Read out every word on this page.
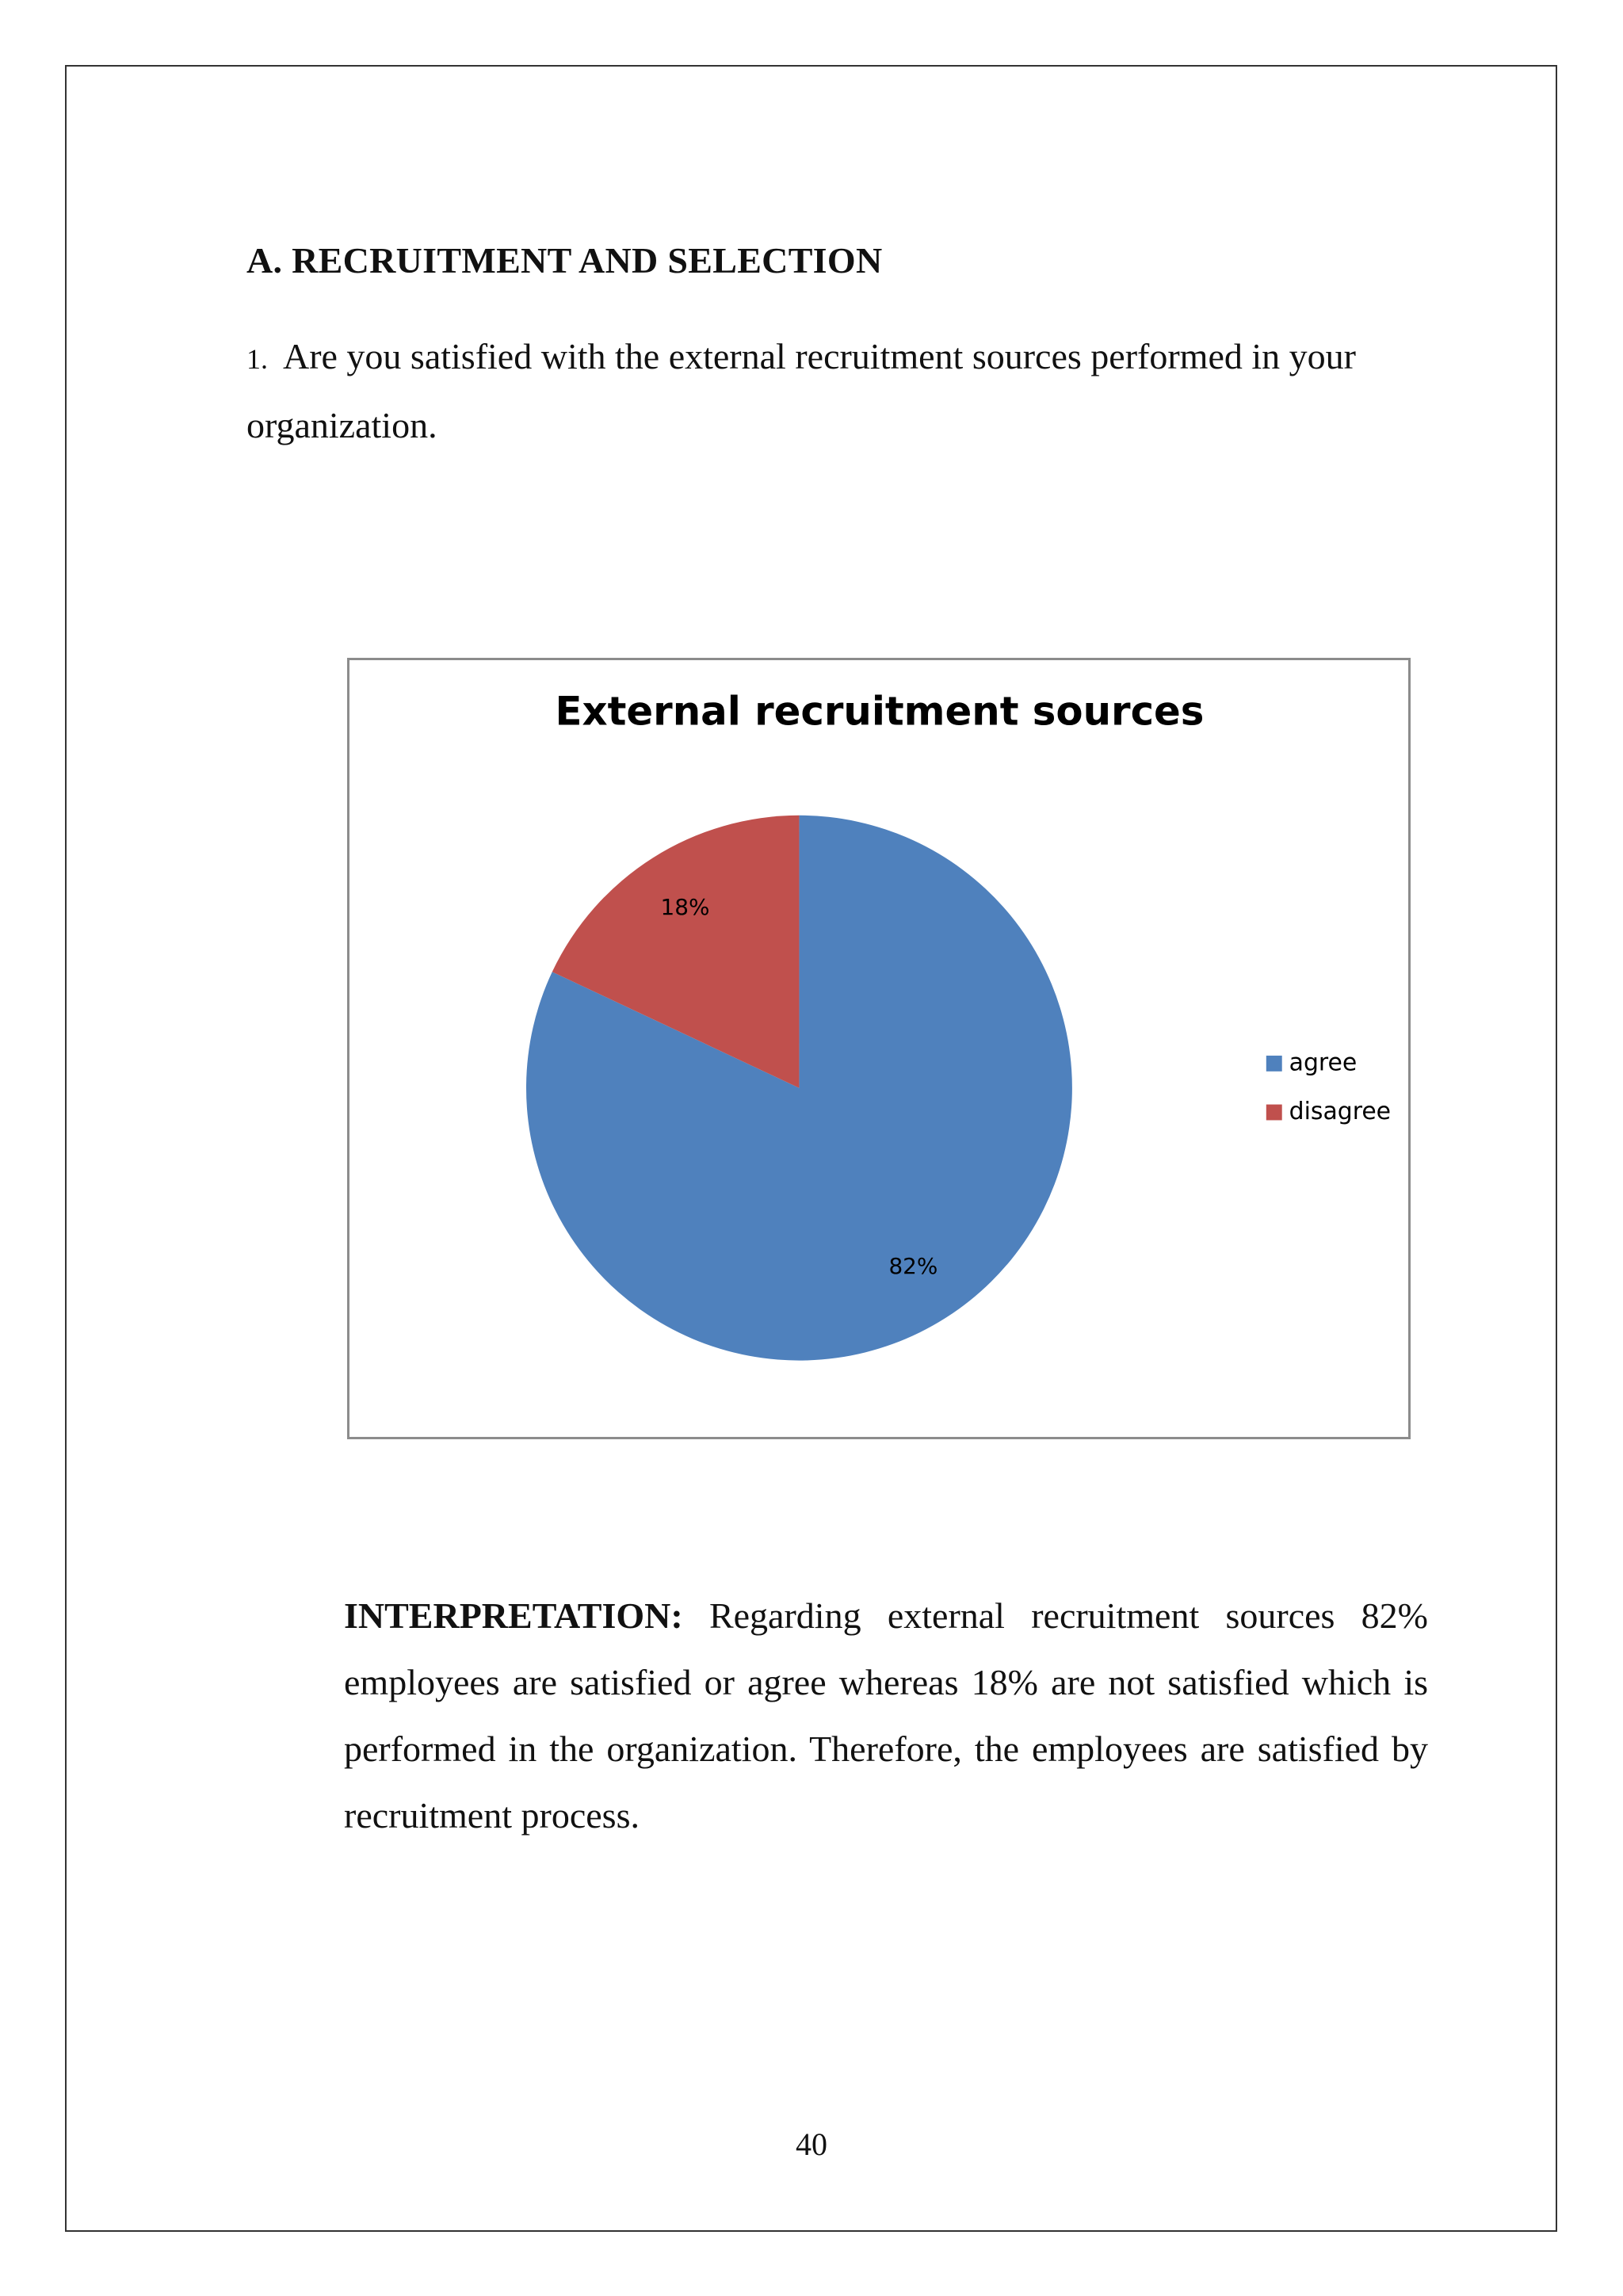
A. RECRUITMENT AND SELECTION
1. Are you satisfied with the external recruitment sources performed in your organization.
External recruitment sources
82%
18%
agree
disagree
INTERPRETATION: Regarding external recruitment sources 82% employees are satisfied or agree whereas 18% are not satisfied which is performed in the organization. Therefore, the employees are satisfied by recruitment process.
40
